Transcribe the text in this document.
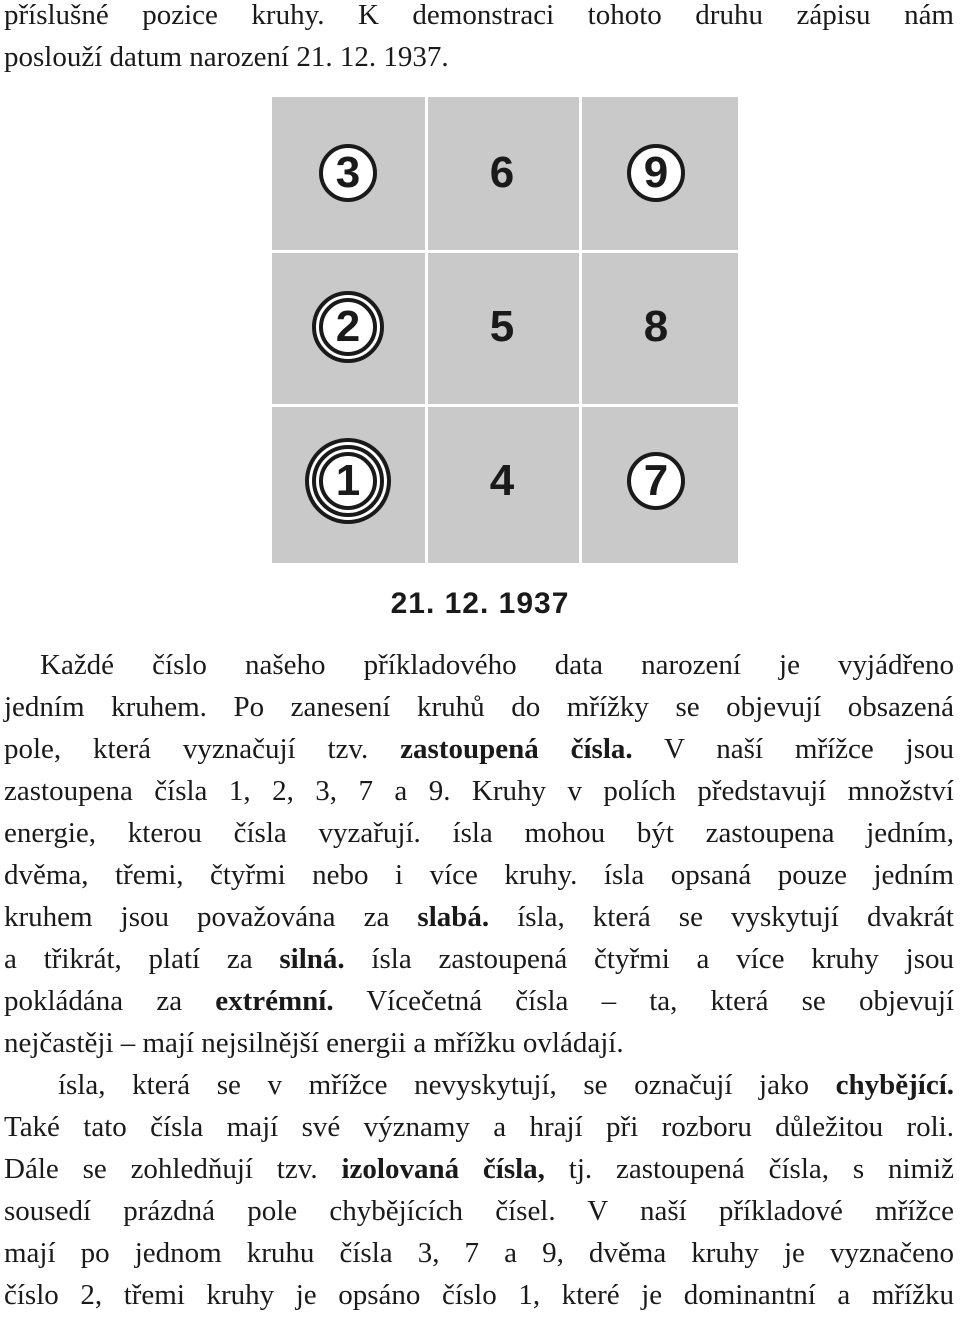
příslušné pozice kruhy. K demonstraci tohoto druhu zápisu nám
poslouží datum narození 21. 12. 1937.
3	6	9
2	5	8
1	4	7
21. 12. 1937
Každé číslo našeho příkladového data narození je vyjádřeno
jedním kruhem. Po zanesení kruhů do mřížky se objevují obsazená
pole, která vyznačují tzv. zastoupená čísla. V naší mřížce jsou
zastoupena čísla 1, 2, 3, 7 a 9. Kruhy v polích představují množství
energie, kterou čísla vyzařují. ísla mohou být zastoupena jedním,
dvěma, třemi, čtyřmi nebo i více kruhy. ísla opsaná pouze jedním
kruhem jsou považována za slabá. ísla, která se vyskytují dvakrát
a třikrát, platí za silná. ísla zastoupená čtyřmi a více kruhy jsou
pokládána za extrémní. Vícečetná čísla – ta, která se objevují
nejčastěji – mají nejsilnější energii a mřížku ovládají.
ísla, která se v mřížce nevyskytují, se označují jako chybějící.
Také tato čísla mají své významy a hrají při rozboru důležitou roli.
Dále se zohledňují tzv. izolovaná čísla, tj. zastoupená čísla, s nimiž
sousedí prázdná pole chybějících čísel. V naší příkladové mřížce
mají po jednom kruhu čísla 3, 7 a 9, dvěma kruhy je vyznačeno
číslo 2, třemi kruhy je opsáno číslo 1, které je dominantní a mřížku
